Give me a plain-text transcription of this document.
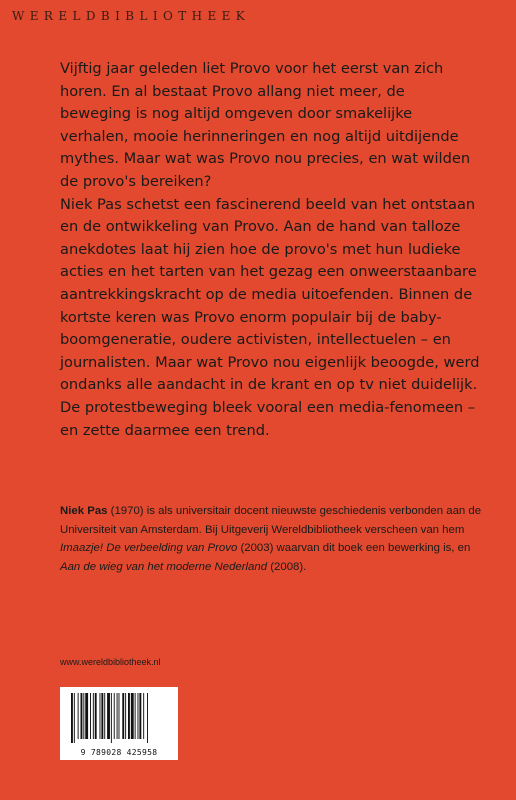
WERELDBIBLIOTHEEK

Vijftig jaar geleden liet Provo voor het eerst van zich horen. En al bestaat Provo allang niet meer, de beweging is nog altijd omgeven door smakelijke verhalen, mooie herinneringen en nog altijd uitdijende mythes. Maar wat was Provo nou precies, en wat wilden de provo's bereiken?

Niek Pas schetst een fascinerend beeld van het ontstaan en de ontwikkeling van Provo. Aan de hand van talloze anekdotes laat hij zien hoe de provo's met hun ludieke acties en het tarten van het gezag een onweerstaanbare aantrekkingskracht op de media uitoefenden. Binnen de kortste keren was Provo enorm populair bij de baby-boomgeneratie, oudere activisten, intellectuelen – en journalisten. Maar wat Provo nou eigenlijk beoogde, werd ondanks alle aandacht in de krant en op tv niet duidelijk. De protestbeweging bleek vooral een media-fenomeen – en zette daarmee een trend.

Niek Pas (1970) is als universitair docent nieuwste geschiedenis verbonden aan de Universiteit van Amsterdam. Bij Uitgeverij Wereldbibliotheek verscheen van hem Imaazje! De verbeelding van Provo (2003) waarvan dit boek een bewerking is, en Aan de wieg van het moderne Nederland (2008).
www.wereldbibliotheek.nl
9 789028 425958
